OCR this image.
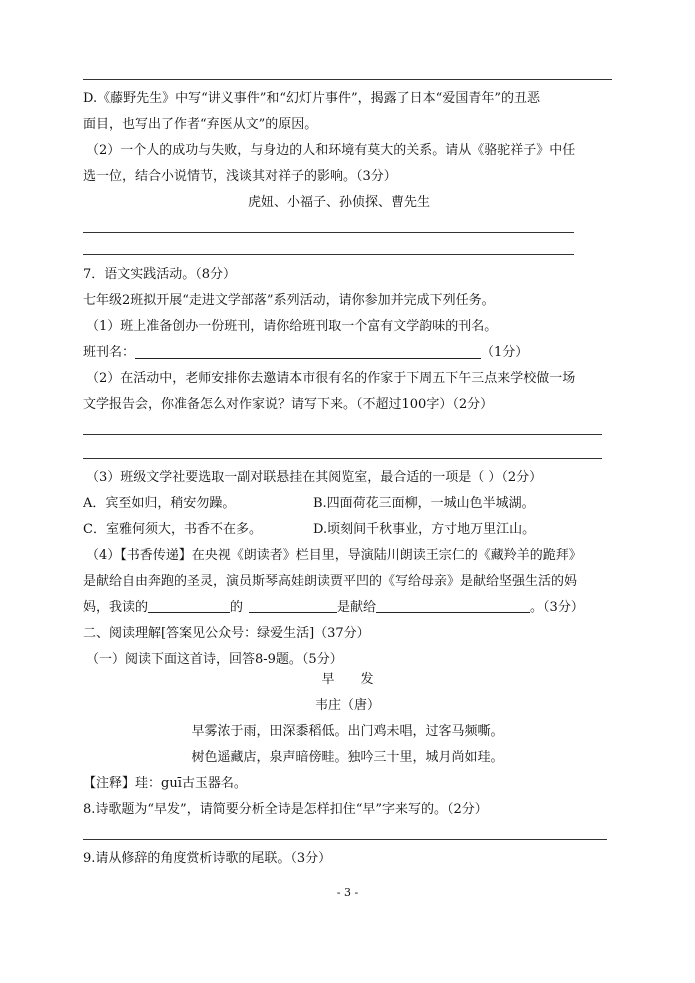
D.《藤野先生》中写“讲义事件”和“幻灯片事件”，揭露了日本“爱国青年”的丑恶
面目，也写出了作者“弃医从文”的原因。
（2）一个人的成功与失败，与身边的人和环境有莫大的关系。请从《骆驼祥子》中任
选一位，结合小说情节，浅谈其对祥子的影响。（3分）
虎妞、小福子、孙侦探、曹先生
7．语文实践活动。（8分）
七年级2班拟开展“走进文学部落”系列活动，请你参加并完成下列任务。
（1）班上准备创办一份班刊，请你给班刊取一个富有文学韵味的刊名。
班刊名：	（1分）
（2）在活动中，老师安排你去邀请本市很有名的作家于下周五下午三点来学校做一场
文学报告会，你准备怎么对作家说？请写下来。（不超过100字）（2分）
（3）班级文学社要选取一副对联悬挂在其阅览室，最合适的一项是（ ）（2分）
A．宾至如归，稍安勿躁。	B.四面荷花三面柳，一城山色半城湖。
C．室雅何须大，书香不在多。	D.顷刻间千秋事业，方寸地万里江山。
（4）【书香传递】在央视《朗读者》栏目里，导演陆川朗读王宗仁的《藏羚羊的跪拜》
是献给自由奔跑的圣灵，演员斯琴高娃朗读贾平凹的《写给母亲》是献给坚强生活的妈
妈，我读的	的	是献给	。（3分）
二、阅读理解[答案见公众号：绿爱生活]（37分）
（一）阅读下面这首诗，回答8-9题。（5分）
早　　发
韦庄（唐）
早雾浓于雨，田深黍稻低。出门鸡未唱，过客马频嘶。
树色遥藏店，泉声暗傍畦。独吟三十里，城月尚如珪。
【注释】珪：guī古玉器名。
8.诗歌题为“早发”，请简要分析全诗是怎样扣住“早”字来写的。（2分）
9.请从修辞的角度赏析诗歌的尾联。（3分）
- 3 -
